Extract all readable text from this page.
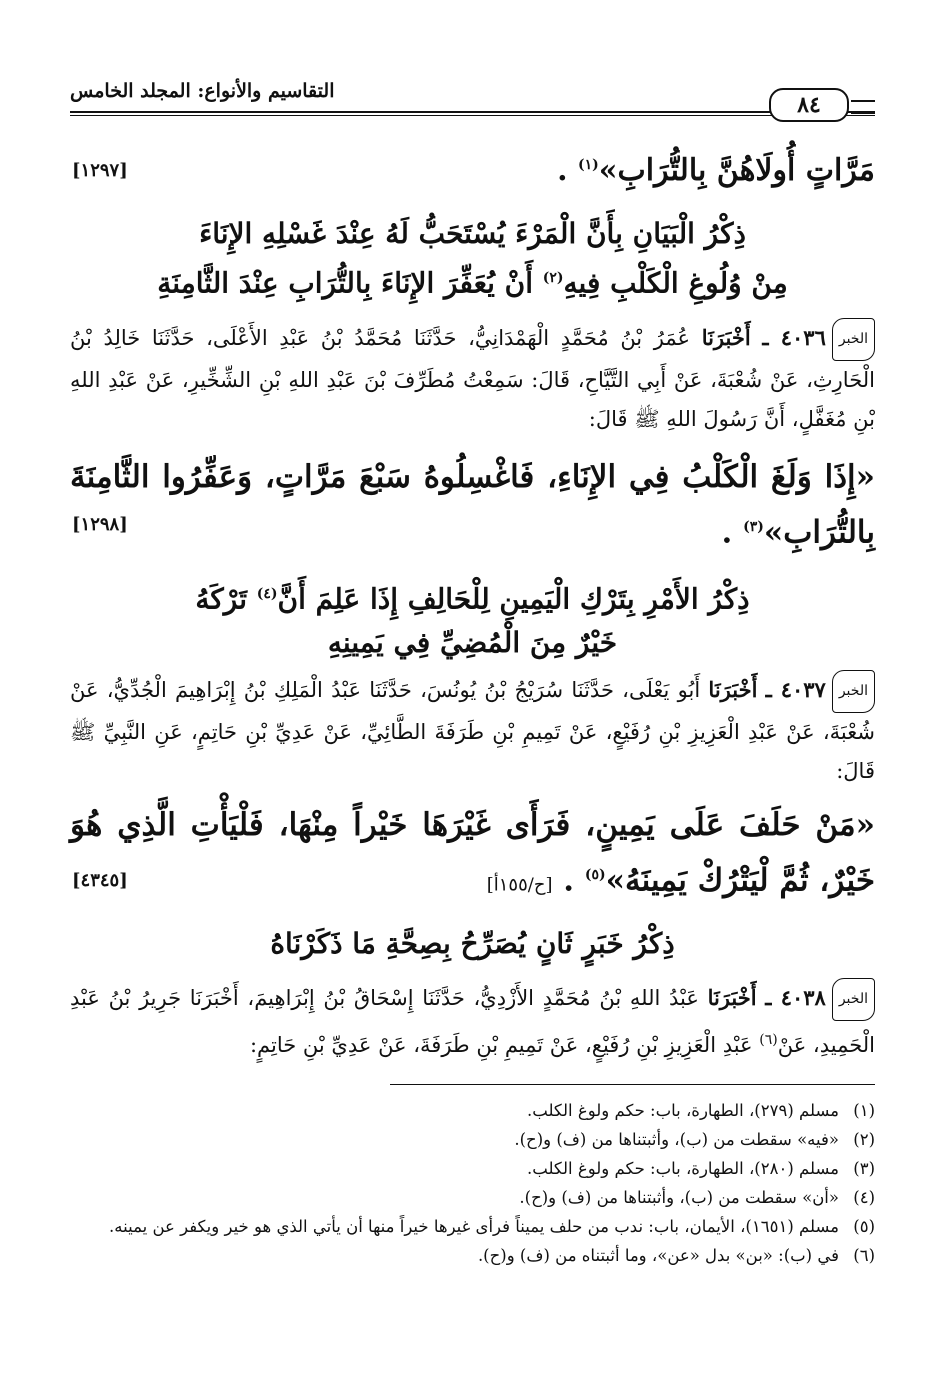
التقاسيم والأنواع: المجلد الخامس
٨٤
مَرَّاتٍ أُولَاهُنَّ بِالتُّرَابِ»$^{(١)}$ .
[١٢٩٧]
ذِكْرُ الْبَيَانِ بِأَنَّ الْمَرْءَ يُسْتَحَبُّ لَهُ عِنْدَ غَسْلِهِ الإِنَاءَ
مِنْ وُلُوغِ الْكَلْبِ فِيهِ$^{(٢)}$ أَنْ يُعَفِّرَ الإِنَاءَ بِالتُّرَابِ عِنْدَ الثَّامِنَةِ
الخبر٤٠٣٦ ـ أَخْبَرَنَا عُمَرُ بْنُ مُحَمَّدٍ الْهَمْدَانِيُّ، حَدَّثَنَا مُحَمَّدُ بْنُ عَبْدِ الأَعْلَى، حَدَّثَنَا خَالِدُ بْنُ الْحَارِثِ، عَنْ شُعْبَةَ، عَنْ أَبِي التَّيَّاحِ، قَالَ: سَمِعْتُ مُطَرِّفَ بْنَ عَبْدِ اللهِ بْنِ الشِّخِّيرِ، عَنْ عَبْدِ اللهِ بْنِ مُغَفَّلٍ، أَنَّ رَسُولَ اللهِ ﷺ قَالَ:
«إِذَا وَلَغَ الْكَلْبُ فِي الإِنَاءِ، فَاغْسِلُوهُ سَبْعَ مَرَّاتٍ، وَعَفِّرُوا الثَّامِنَةَ بِالتُّرَابِ»$^{(٣)}$ .
[١٢٩٨]
ذِكْرُ الأَمْرِ بِتَرْكِ الْيَمِينِ لِلْحَالِفِ إِذَا عَلِمَ أَنَّ$^{(٤)}$ تَرْكَهُ
خَيْرٌ مِنَ الْمُضِيِّ فِي يَمِينِهِ
الخبر٤٠٣٧ ـ أَخْبَرَنَا أَبُو يَعْلَى، حَدَّثَنَا سُرَيْجُ بْنُ يُونُسَ، حَدَّثَنَا عَبْدُ الْمَلِكِ بْنُ إِبْرَاهِيمَ الْجُدِّيُّ، عَنْ شُعْبَةَ، عَنْ عَبْدِ الْعَزِيزِ بْنِ رُفَيْعٍ، عَنْ تَمِيمِ بْنِ طَرَفَةَ الطَّائِيِّ، عَنْ عَدِيِّ بْنِ حَاتِمٍ، عَنِ النَّبِيِّ ﷺ قَالَ:
«مَنْ حَلَفَ عَلَى يَمِينٍ، فَرَأَى غَيْرَهَا خَيْراً مِنْهَا، فَلْيَأْتِ الَّذِي هُوَ خَيْرٌ، ثُمَّ لْيَتْرُكْ يَمِينَهُ»$^{(٥)}$ . [ح/١٥٥أ]
[٤٣٤٥]
ذِكْرُ خَبَرٍ ثَانٍ يُصَرِّحُ بِصِحَّةِ مَا ذَكَرْنَاهُ
الخبر٤٠٣٨ ـ أَخْبَرَنَا عَبْدُ اللهِ بْنُ مُحَمَّدٍ الأَزْدِيُّ، حَدَّثَنَا إِسْحَاقُ بْنُ إِبْرَاهِيمَ، أَخْبَرَنَا جَرِيرُ بْنُ عَبْدِ الْحَمِيدِ، عَنْ$^{(٦)}$ عَبْدِ الْعَزِيزِ بْنِ رُفَيْعٍ، عَنْ تَمِيمِ بْنِ طَرَفَةَ، عَنْ عَدِيِّ بْنِ حَاتِمٍ:
(١)مسلم (٢٧٩)، الطهارة، باب: حكم ولوغ الكلب.
(٢)«فيه» سقطت من (ب)، وأثبتناها من (ف) و(ح).
(٣)مسلم (٢٨٠)، الطهارة، باب: حكم ولوغ الكلب.
(٤)«أن» سقطت من (ب)، وأثبتناها من (ف) و(ح).
(٥)مسلم (١٦٥١)، الأيمان، باب: ندب من حلف يميناً فرأى غيرها خيراً منها أن يأتي الذي هو خير ويكفر عن يمينه.
(٦)في (ب): «بن» بدل «عن»، وما أثبتناه من (ف) و(ح).
